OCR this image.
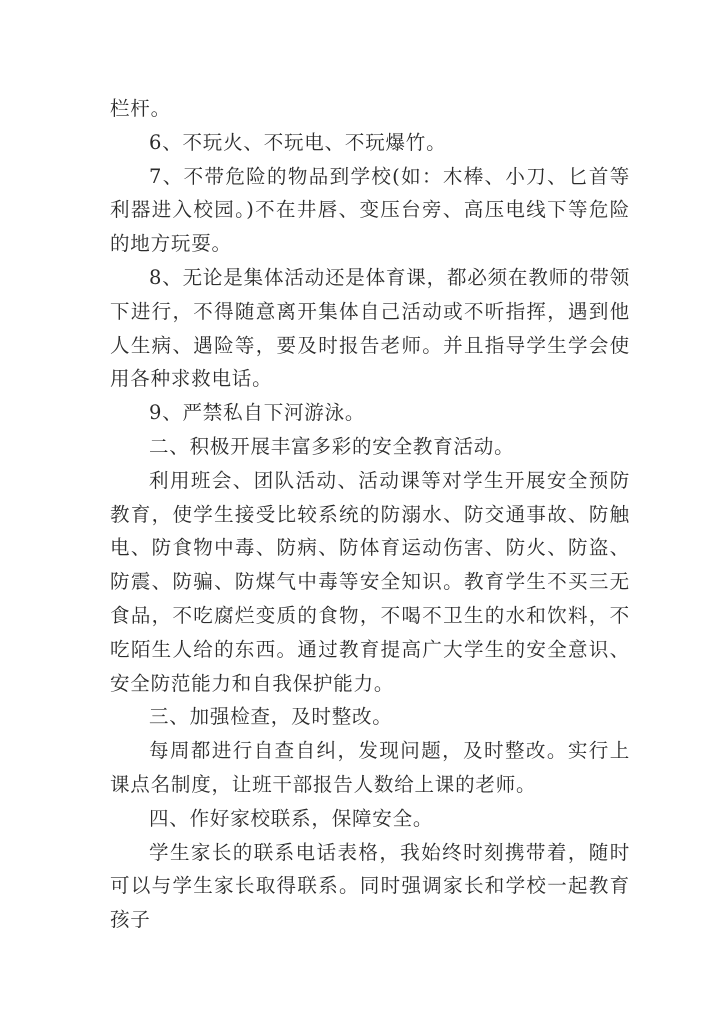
栏杆。

6、不玩火、不玩电、不玩爆竹。

7、不带危险的物品到学校(如：木棒、小刀、匕首等利器进入校园。)不在井唇、变压台旁、高压电线下等危险的地方玩耍。

8、无论是集体活动还是体育课，都必须在教师的带领下进行，不得随意离开集体自己活动或不听指挥，遇到他人生病、遇险等，要及时报告老师。并且指导学生学会使用各种求救电话。

9、严禁私自下河游泳。

二、积极开展丰富多彩的安全教育活动。

利用班会、团队活动、活动课等对学生开展安全预防教育，使学生接受比较系统的防溺水、防交通事故、防触电、防食物中毒、防病、防体育运动伤害、防火、防盗、防震、防骗、防煤气中毒等安全知识。教育学生不买三无食品，不吃腐烂变质的食物，不喝不卫生的水和饮料，不吃陌生人给的东西。通过教育提高广大学生的安全意识、安全防范能力和自我保护能力。

三、加强检查，及时整改。

每周都进行自查自纠，发现问题，及时整改。实行上课点名制度，让班干部报告人数给上课的老师。

四、作好家校联系，保障安全。

学生家长的联系电话表格，我始终时刻携带着，随时可以与学生家长取得联系。同时强调家长和学校一起教育孩子
